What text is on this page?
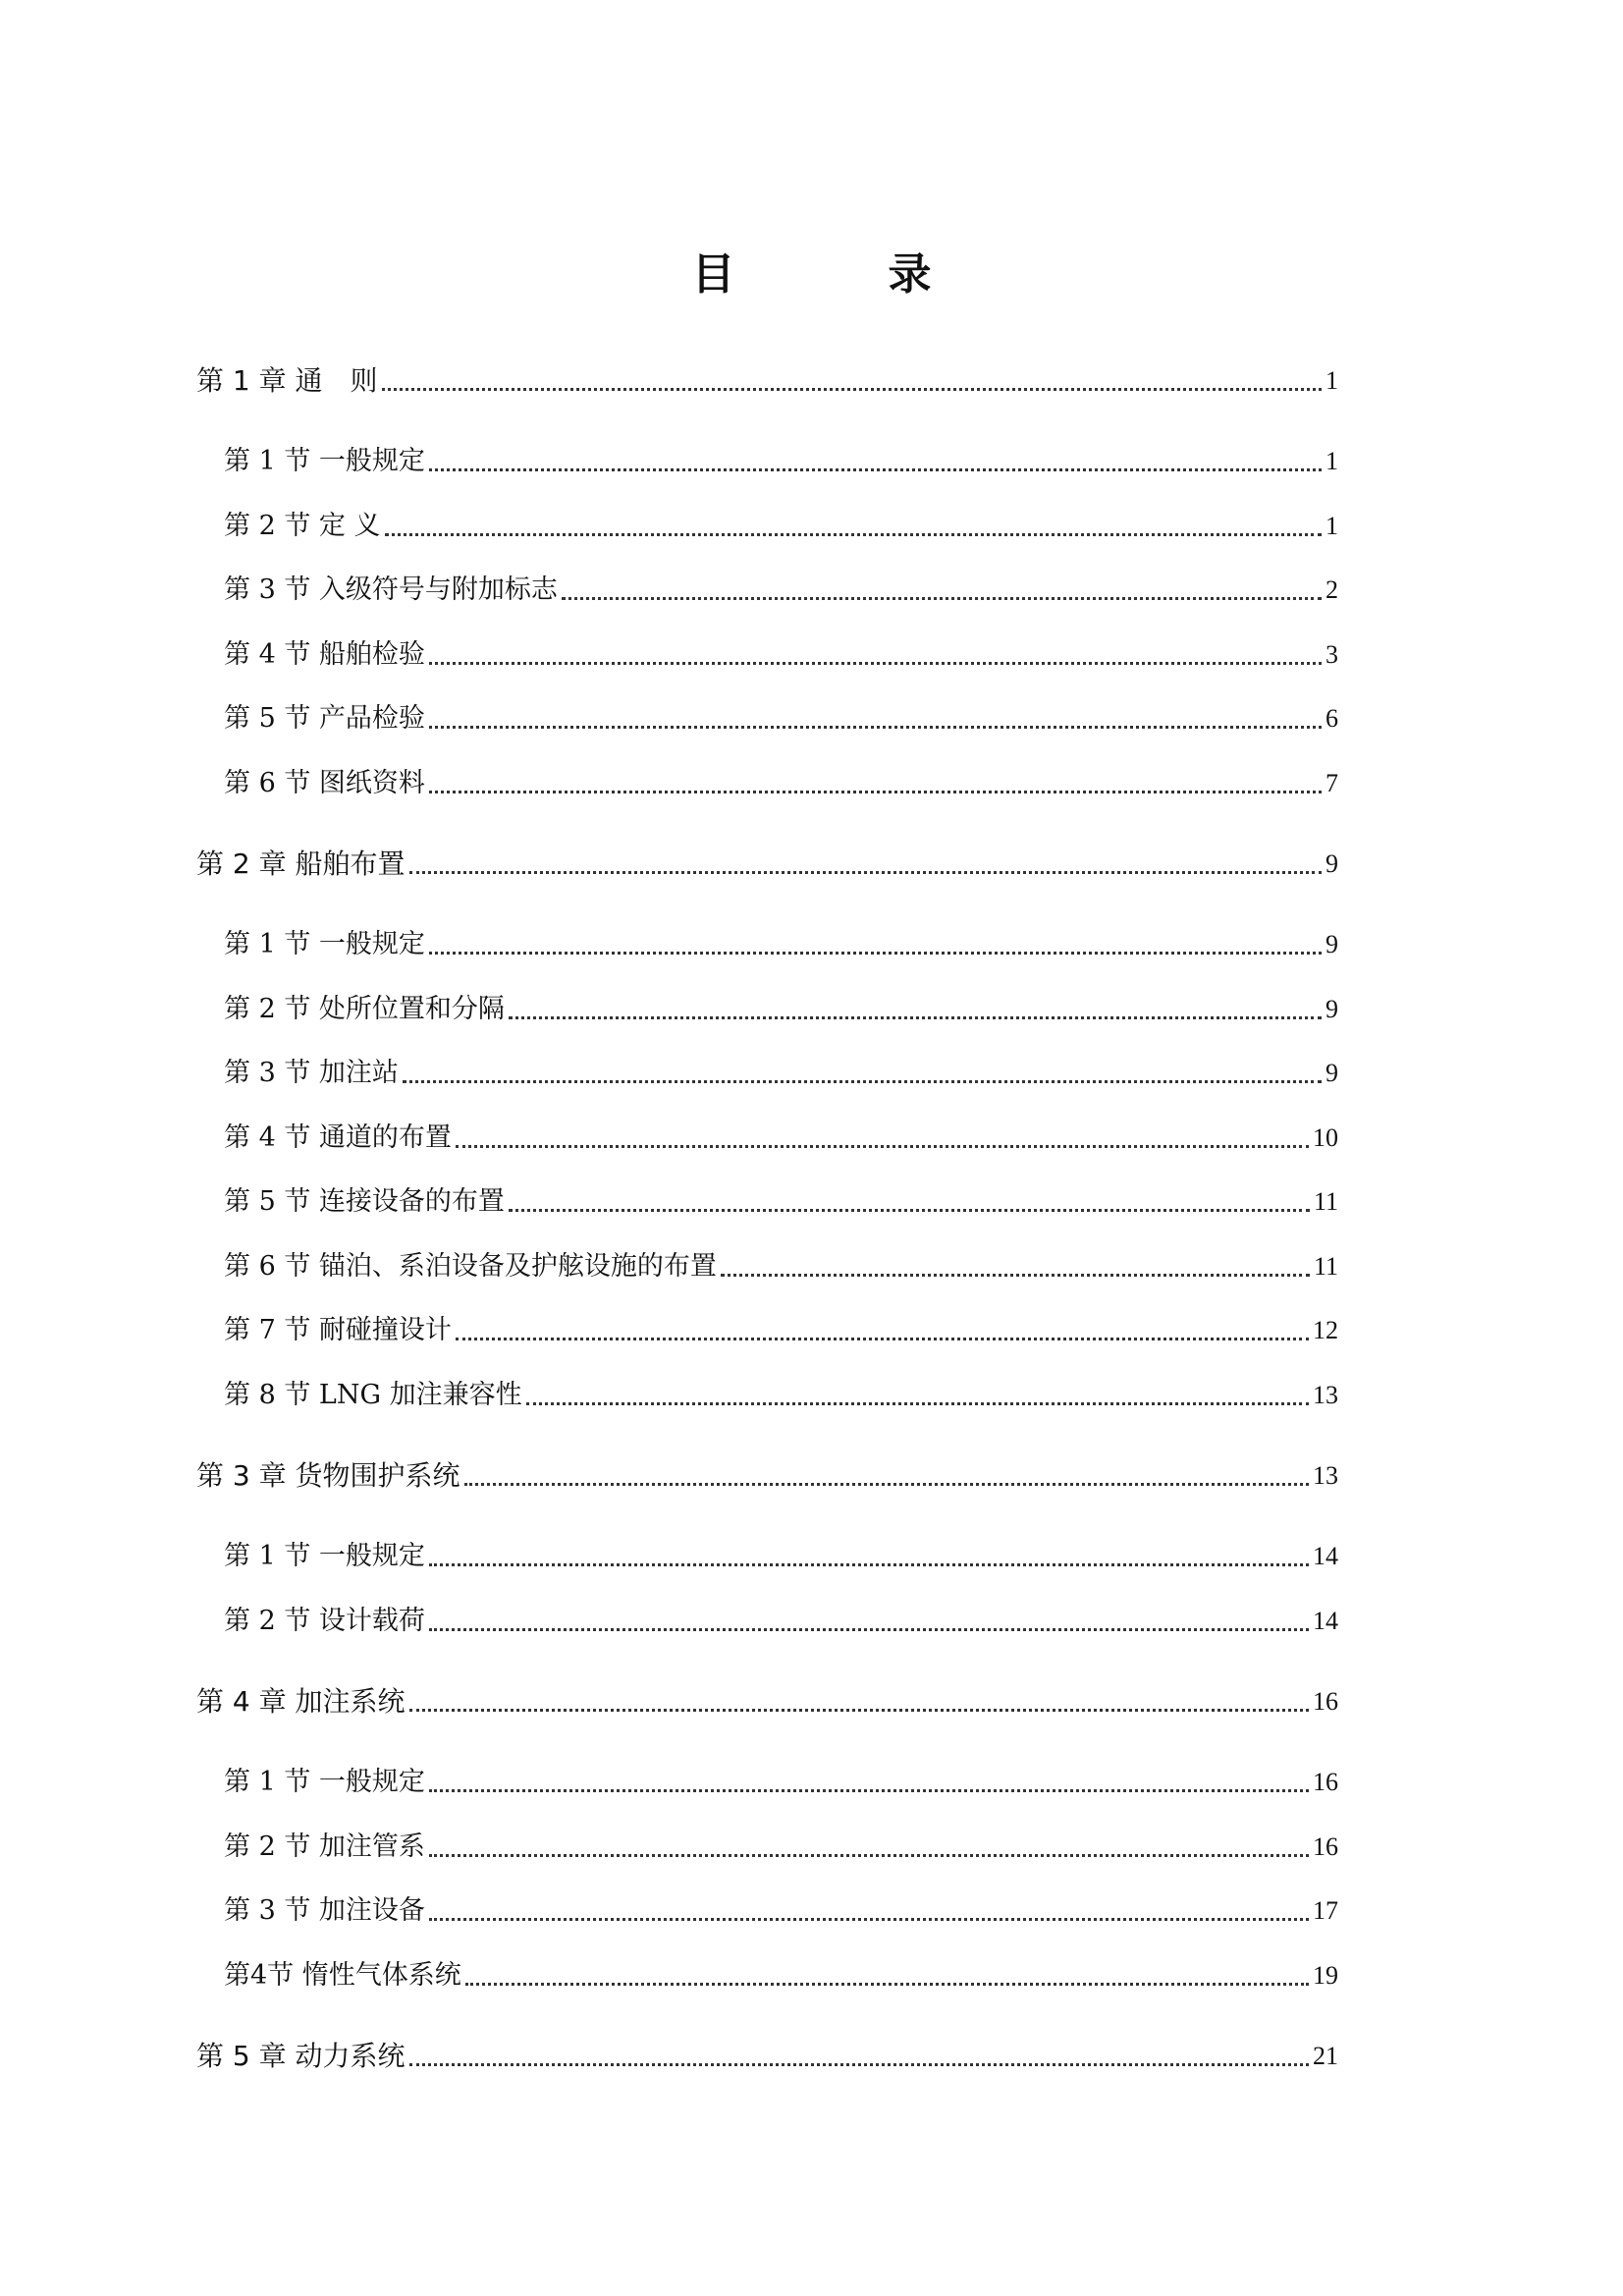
目　录
第 1 章 通　则	1
第 1 节 一般规定	1
第 2 节 定 义	1
第 3 节 入级符号与附加标志	2
第 4 节 船舶检验	3
第 5 节 产品检验	6
第 6 节 图纸资料	7
第 2 章 船舶布置	9
第 1 节 一般规定	9
第 2 节 处所位置和分隔	9
第 3 节 加注站	9
第 4 节 通道的布置	10
第 5 节 连接设备的布置	11
第 6 节 锚泊、系泊设备及护舷设施的布置	11
第 7 节 耐碰撞设计	12
第 8 节 LNG 加注兼容性	13
第 3 章 货物围护系统	13
第 1 节 一般规定	14
第 2 节 设计载荷	14
第 4 章 加注系统	16
第 1 节 一般规定	16
第 2 节 加注管系	16
第 3 节 加注设备	17
第4节 惰性气体系统	19
第 5 章 动力系统	21
